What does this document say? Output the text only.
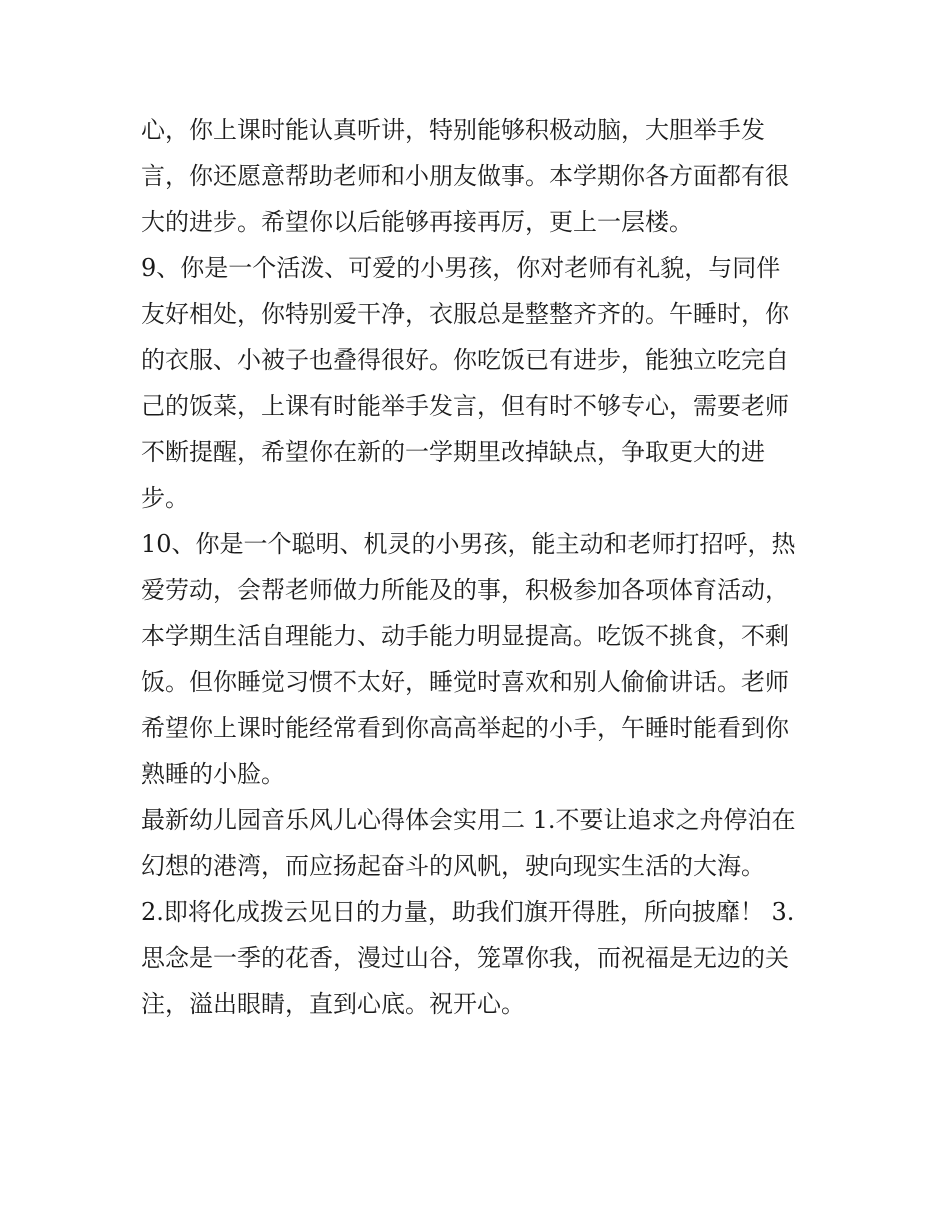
心，你上课时能认真听讲，特别能够积极动脑，大胆举手发
言，你还愿意帮助老师和小朋友做事。本学期你各方面都有很
大的进步。希望你以后能够再接再厉，更上一层楼。
9、你是一个活泼、可爱的小男孩，你对老师有礼貌，与同伴
友好相处，你特别爱干净，衣服总是整整齐齐的。午睡时，你
的衣服、小被子也叠得很好。你吃饭已有进步，能独立吃完自
己的饭菜，上课有时能举手发言，但有时不够专心，需要老师
不断提醒，希望你在新的一学期里改掉缺点，争取更大的进
步。
10、你是一个聪明、机灵的小男孩，能主动和老师打招呼，热
爱劳动，会帮老师做力所能及的事，积极参加各项体育活动，
本学期生活自理能力、动手能力明显提高。吃饭不挑食，不剩
饭。但你睡觉习惯不太好，睡觉时喜欢和别人偷偷讲话。老师
希望你上课时能经常看到你高高举起的小手，午睡时能看到你
熟睡的小脸。
最新幼儿园音乐风儿心得体会实用二 1.不要让追求之舟停泊在
幻想的港湾，而应扬起奋斗的风帆，驶向现实生活的大海。
2.即将化成拨云见日的力量，助我们旗开得胜，所向披靡！ 3.
思念是一季的花香，漫过山谷，笼罩你我，而祝福是无边的关
注，溢出眼睛，直到心底。祝开心。
